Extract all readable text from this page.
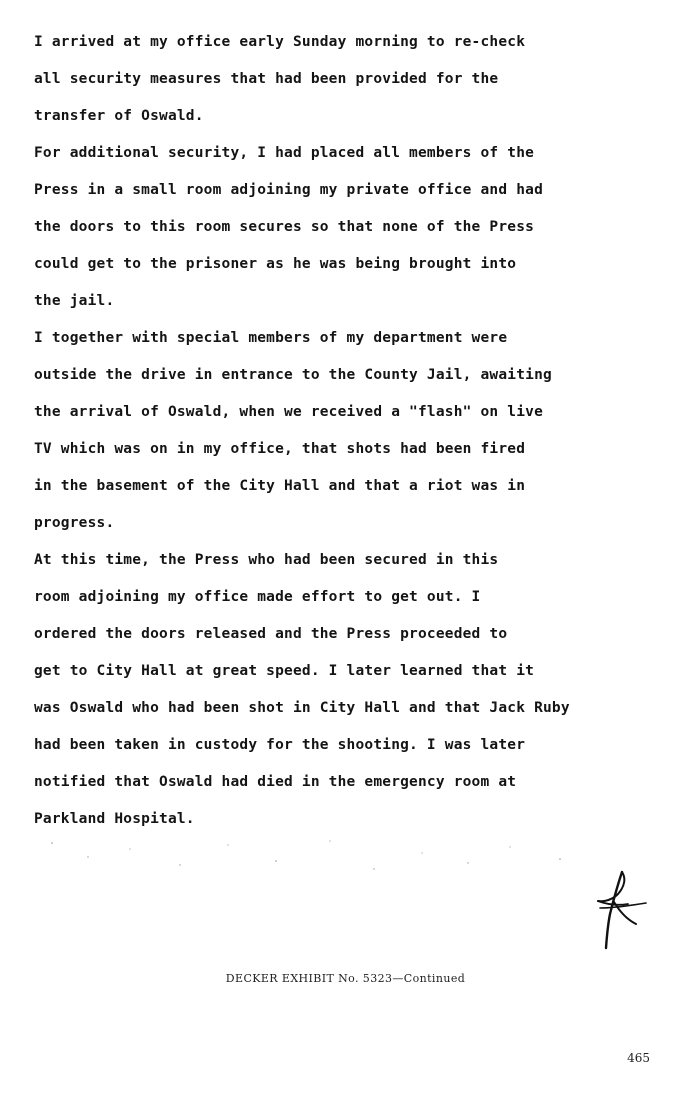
I arrived at my office early Sunday morning to re-check
all security measures that had been provided for the
transfer of Oswald.
For additional security, I had placed all members of the
Press in a small room adjoining my private office and had
the doors to this room secures so that none of the Press
could get to the prisoner as he was being brought into
the jail.
I together with special members of my department were
outside the drive in entrance to the County Jail, awaiting
the arrival of Oswald, when we received a "flash" on live
TV which was on in my office, that shots had been fired
in the basement of the City Hall and that a riot was in
progress.
At this time, the Press who had been secured in this
room adjoining my office made effort to get out. I
ordered the doors released and the Press proceeded to
get to City Hall at great speed. I later learned that it
was Oswald who had been shot in City Hall and that Jack Ruby
had been taken in custody for the shooting. I was later
notified that Oswald had died in the emergency room at
Parkland Hospital.
DECKER EXHIBIT No. 5323—Continued
465
